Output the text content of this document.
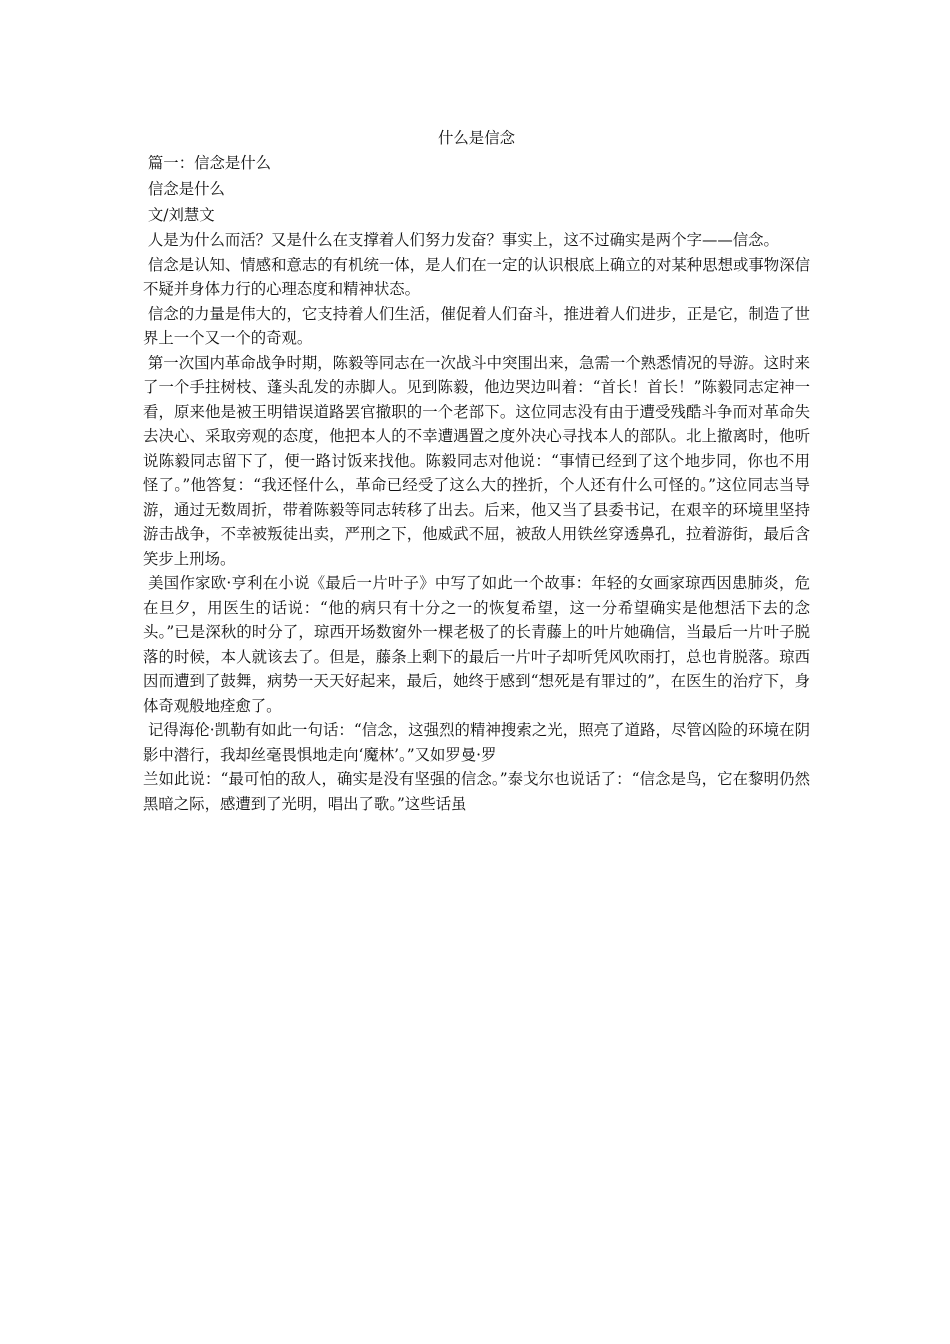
什么是信念

篇一：信念是什么

信念是什么

文/刘慧文

人是为什么而活？又是什么在支撑着人们努力发奋？事实上，这不过确实是两个字——信念。

信念是认知、情感和意志的有机统一体，是人们在一定的认识根底上确立的对某种思想或事物深信不疑并身体力行的心理态度和精神状态。

信念的力量是伟大的，它支持着人们生活，催促着人们奋斗，推进着人们进步，正是它，制造了世界上一个又一个的奇观。

第一次国内革命战争时期，陈毅等同志在一次战斗中突围出来，急需一个熟悉情况的导游。这时来了一个手拄树枝、蓬头乱发的赤脚人。见到陈毅，他边哭边叫着：“首长！首长！”陈毅同志定神一看，原来他是被王明错误道路罢官撤职的一个老部下。这位同志没有由于遭受残酷斗争而对革命失去决心、采取旁观的态度，他把本人的不幸遭遇置之度外决心寻找本人的部队。北上撤离时，他听说陈毅同志留下了，便一路讨饭来找他。陈毅同志对他说：“事情已经到了这个地步同，你也不用怪了。”他答复：“我还怪什么，革命已经受了这么大的挫折，个人还有什么可怪的。”这位同志当导游，通过无数周折，带着陈毅等同志转移了出去。后来，他又当了县委书记，在艰辛的环境里坚持游击战争，不幸被叛徒出卖，严刑之下，他威武不屈，被敌人用铁丝穿透鼻孔，拉着游街，最后含笑步上刑场。

美国作家欧·亨利在小说《最后一片叶子》中写了如此一个故事：年轻的女画家琼西因患肺炎，危在旦夕，用医生的话说：“他的病只有十分之一的恢复希望，这一分希望确实是他想活下去的念头。”已是深秋的时分了，琼西开场数窗外一棵老极了的长青藤上的叶片她确信，当最后一片叶子脱落的时候，本人就该去了。但是，藤条上剩下的最后一片叶子却听凭风吹雨打，总也肯脱落。琼西因而遭到了鼓舞，病势一天天好起来，最后，她终于感到“想死是有罪过的”，在医生的治疗下，身体奇观般地痊愈了。

记得海伦·凯勒有如此一句话：“信念，这强烈的精神搜索之光，照亮了道路，尽管凶险的环境在阴影中潜行，我却丝毫畏惧地走向‘魔林’。”又如罗曼·罗

兰如此说：“最可怕的敌人，确实是没有坚强的信念。”泰戈尔也说话了：“信念是鸟，它在黎明仍然黑暗之际，感遭到了光明，唱出了歌。”这些话虽
